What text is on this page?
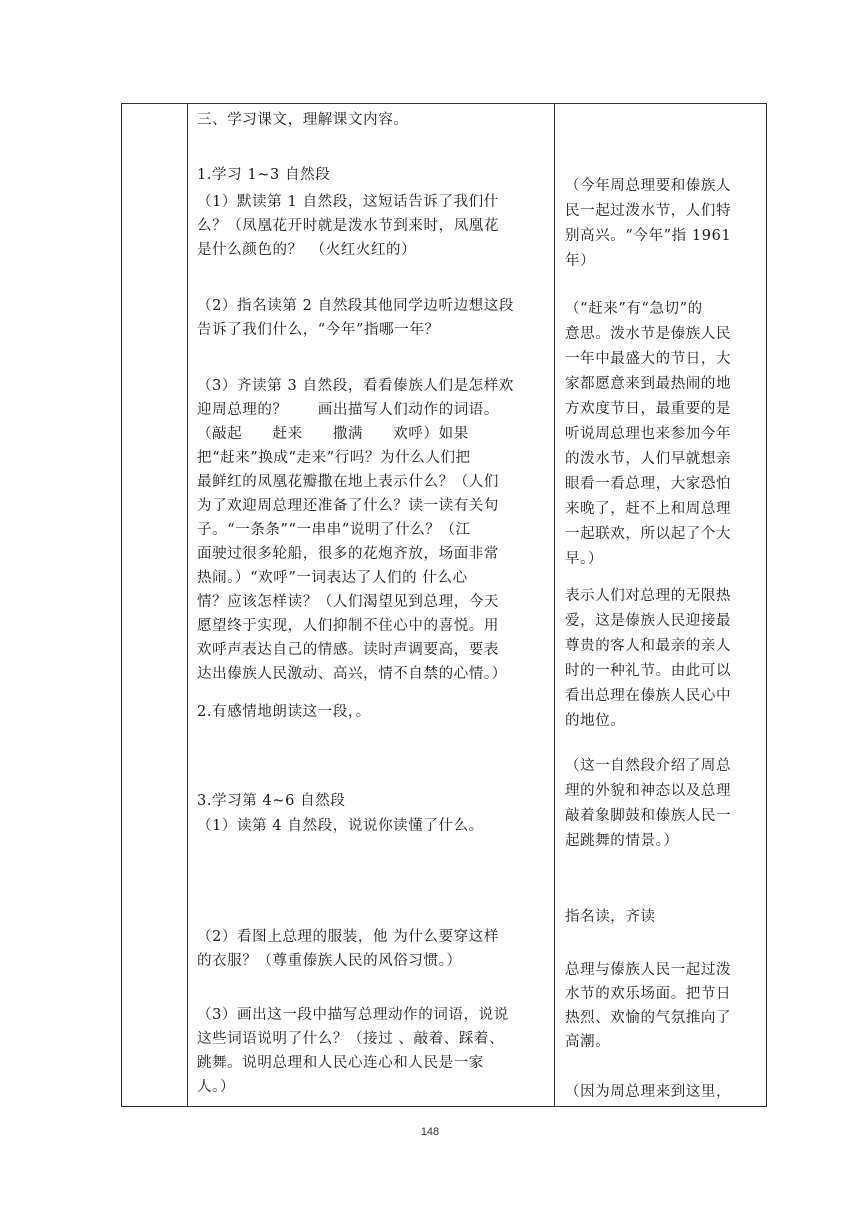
三、学习课文，理解课文内容。
1.学习 1~3 自然段
（1）默读第 1 自然段，这短话告诉了我们什
么？（凤凰花开时就是泼水节到来时，凤凰花
是什么颜色的？　（火红火红的）
（2）指名读第 2 自然段其他同学边听边想这段
告诉了我们什么，“今年”指哪一年？
（3）齐读第 3 自然段，看看傣族人们是怎样欢
迎周总理的？　　画出描写人们动作的词语。
（敲起　　赶来　　撒满　　欢呼）如果
把“赶来”换成“走来”行吗？为什么人们把
最鲜红的凤凰花瓣撒在地上表示什么？（人们
为了欢迎周总理还准备了什么？读一读有关句
子。“一条条”“一串串”说明了什么？（江
面驶过很多轮船，很多的花炮齐放，场面非常
热闹。）“欢呼”一词表达了人们的 什么心
情？应该怎样读？（人们渴望见到总理，今天
愿望终于实现，人们抑制不住心中的喜悦。用
欢呼声表达自己的情感。读时声调要高，要表
达出傣族人民激动、高兴，情不自禁的心情。）
2.有感情地朗读这一段，。
3.学习第 4~6 自然段
（1）读第 4 自然段，说说你读懂了什么。
（2）看图上总理的服装，他 为什么要穿这样
的衣服？（尊重傣族人民的风俗习惯。）
（3）画出这一段中描写总理动作的词语，说说
这些词语说明了什么？（接过 、敲着、踩着、
跳舞。说明总理和人民心连心和人民是一家
人。）
（今年周总理要和傣族人
民一起过泼水节，人们特
别高兴。“今年”指 1961
年）
（“赶来”有“急切”的
意思。泼水节是傣族人民
一年中最盛大的节日，大
家都愿意来到最热闹的地
方欢度节日，最重要的是
听说周总理也来参加今年
的泼水节，人们早就想亲
眼看一看总理，大家恐怕
来晚了，赶不上和周总理
一起联欢，所以起了个大
早。）
表示人们对总理的无限热
爱，这是傣族人民迎接最
尊贵的客人和最亲的亲人
时的一种礼节。由此可以
看出总理在傣族人民心中
的地位。
（这一自然段介绍了周总
理的外貌和神态以及总理
敲着象脚鼓和傣族人民一
起跳舞的情景。）
指名读，齐读
总理与傣族人民一起过泼
水节的欢乐场面。把节日
热烈、欢愉的气氛推向了
高潮。
（因为周总理来到这里，
148
